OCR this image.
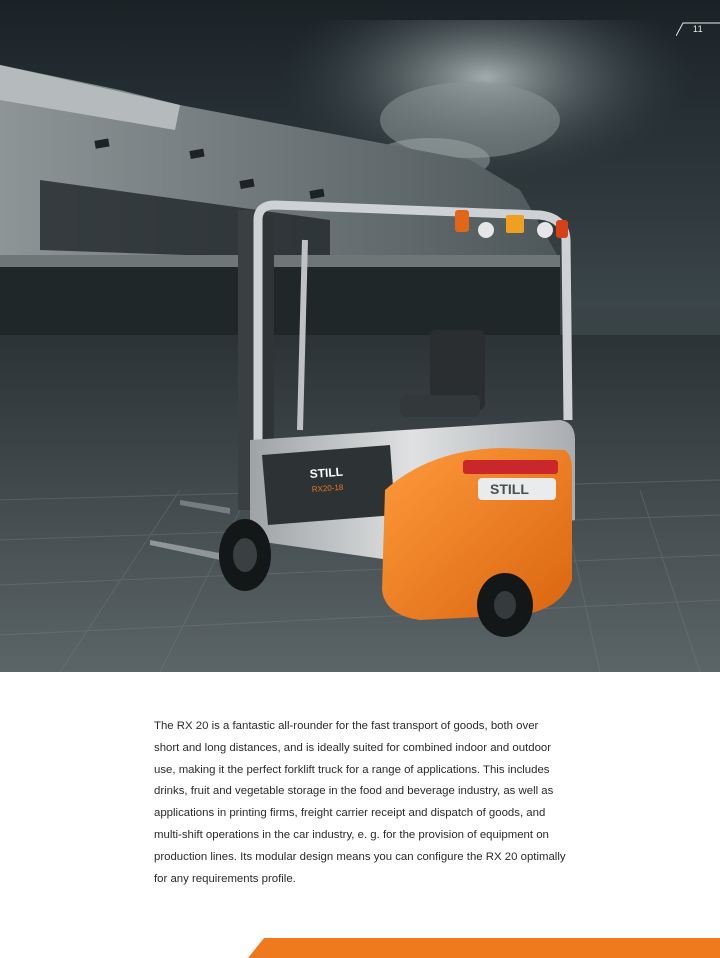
STILL
RX20-18	STILL
11
The RX 20 is a fantastic all-rounder for the fast transport of goods, both over
short and long distances, and is ideally suited for combined indoor and outdoor
use, making it the perfect forklift truck for a range of applications. This includes
drinks, fruit and vegetable storage in the food and beverage industry, as well as
applications in printing firms, freight carrier receipt and dispatch of goods, and
multi-shift operations in the car industry, e. g. for the provision of equipment on
production lines. Its modular design means you can configure the RX 20 optimally
for any requirements profile.
